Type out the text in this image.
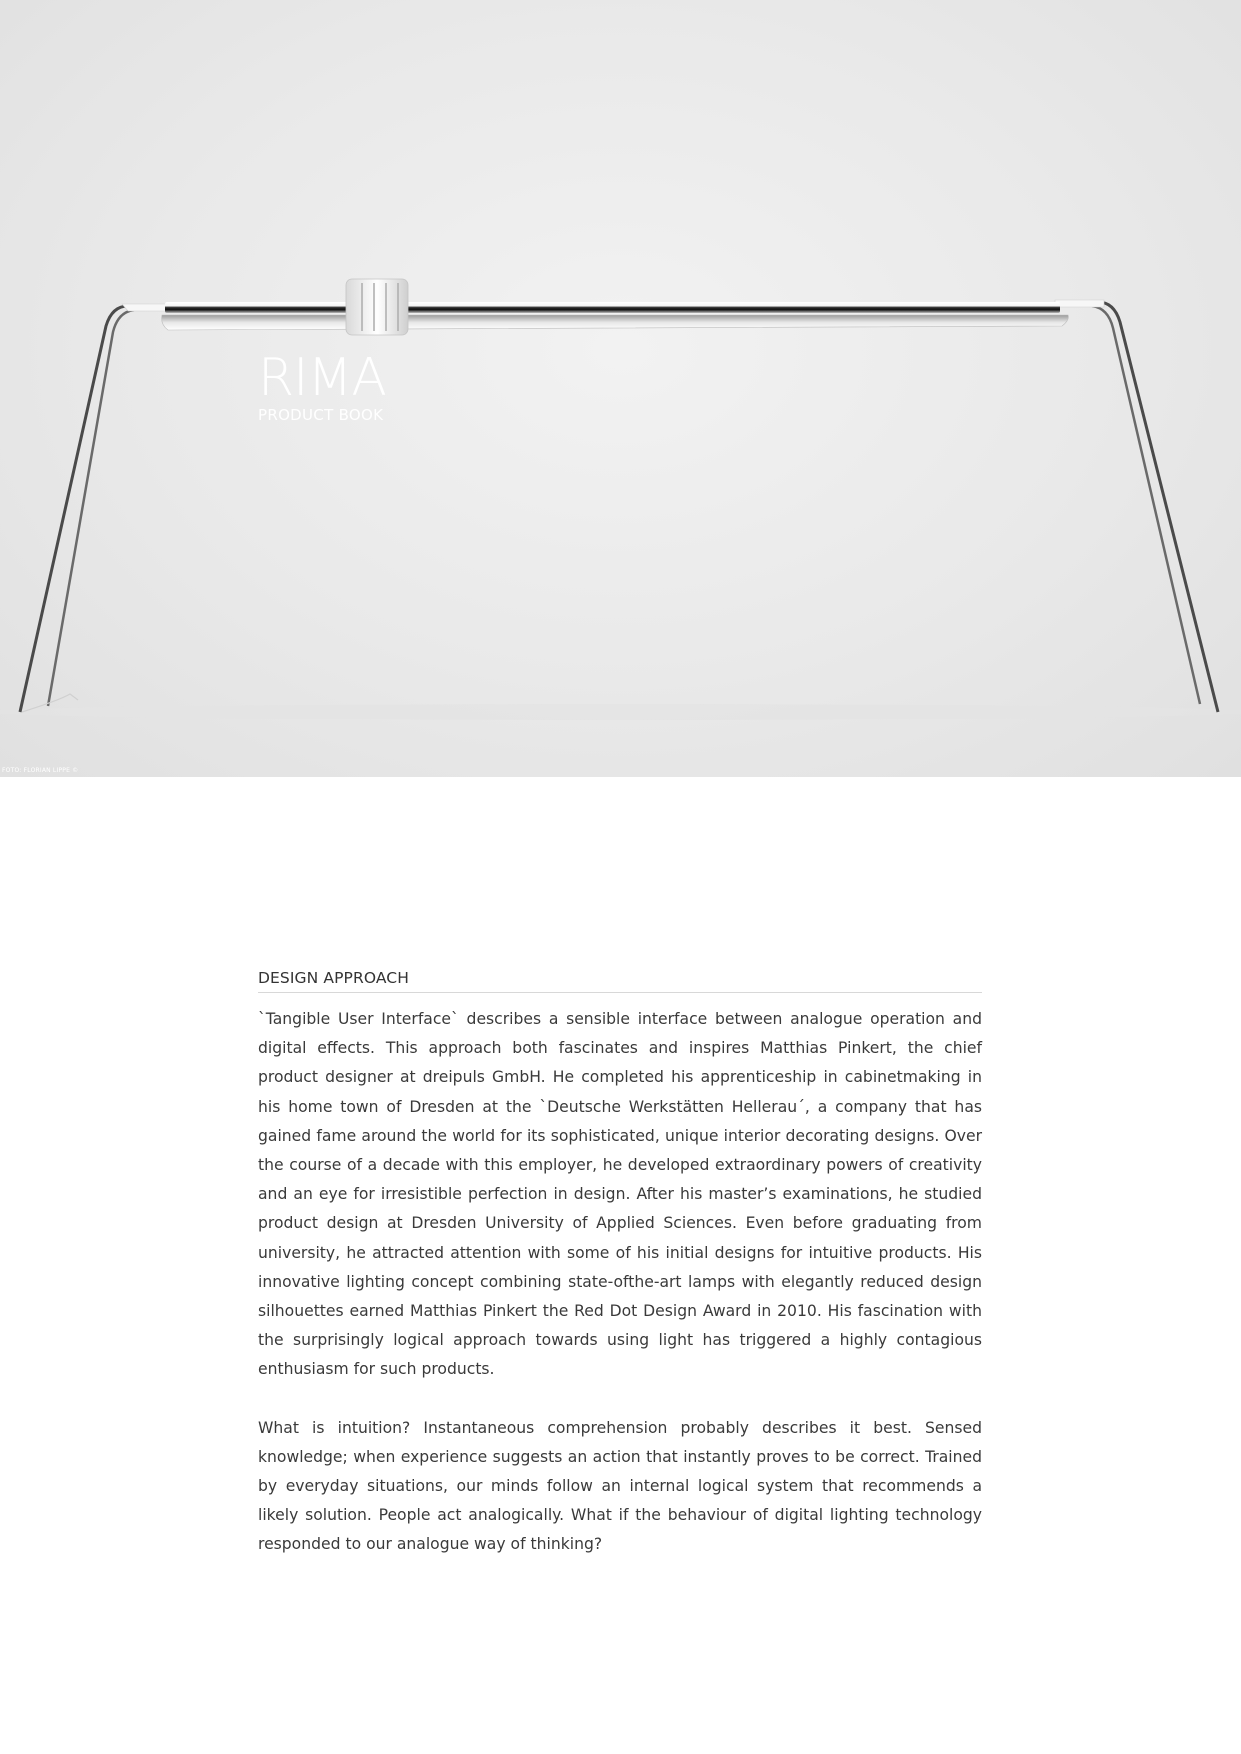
RIMA
PRODUCT BOOK
FOTO: FLORIAN LIPPE ©
DESIGN APPROACH

`Tangible User Interface` describes a sensible interface between analogue operation and digital effects. This approach both fascinates and inspires Matthias Pinkert, the chief product designer at dreipuls GmbH. He completed his apprenticeship in cabinetmaking in his home town of Dresden at the `Deutsche Werkstätten Hellerau´, a company that has gained fame around the world for its sophisticated, unique interior decorating designs. Over the course of a decade with this employer, he developed extraordinary powers of creativity and an eye for irresistible perfection in design. After his master’s examinations, he studied product design at Dresden University of Applied Sciences. Even before graduating from university, he attracted attention with some of his initial designs for intuitive products. His innovative lighting concept combining state-ofthe-art lamps with elegantly reduced design silhouettes earned Matthias Pinkert the Red Dot Design Award in 2010. His fascination with the surprisingly logical approach towards using light has triggered a highly contagious enthusiasm for such products.

What is intuition? Instantaneous comprehension probably describes it best. Sensed knowledge; when experience suggests an action that instantly proves to be correct. Trained by everyday situations, our minds follow an internal logical system that recommends a likely solution. People act analogically. What if the behaviour of digital lighting technology responded to our analogue way of thinking?
